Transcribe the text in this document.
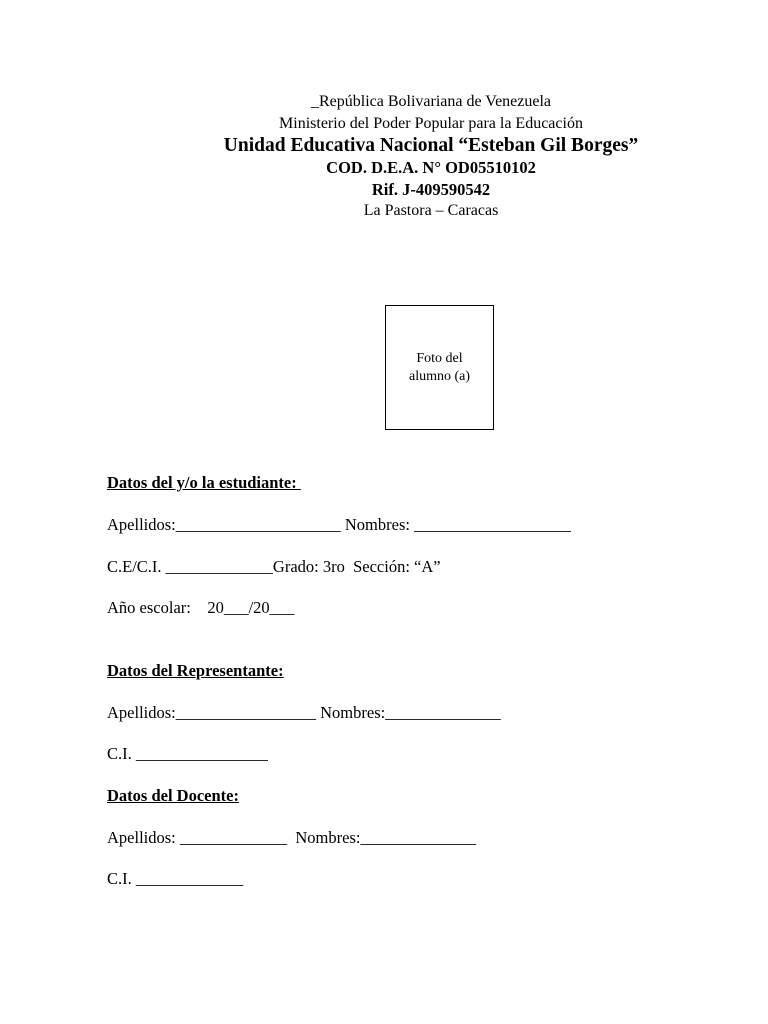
_República Bolivariana de Venezuela
Ministerio del Poder Popular para la Educación
Unidad Educativa Nacional “Esteban Gil Borges”
COD. D.E.A. N° OD05510102
Rif. J-409590542
La Pastora – Caracas
Foto del alumno (a)
Datos del y/o la estudiante:
Apellidos:____________________ Nombres: ___________________
C.E/C.I. _____________Grado: 3ro  Sección: “A”
Año escolar:    20___/20___
Datos del Representante:
Apellidos:_________________ Nombres:______________
C.I. ________________
Datos del Docente:
Apellidos: _____________  Nombres:______________
C.I. _____________
